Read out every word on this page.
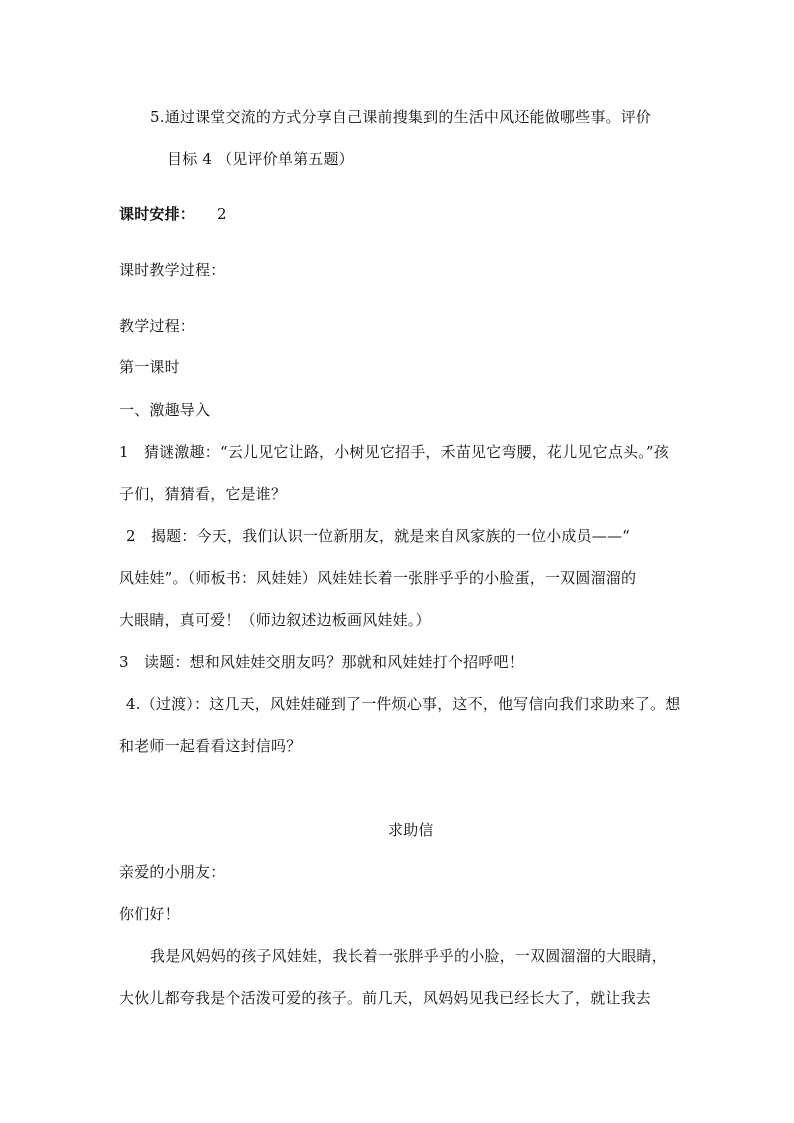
5.通过课堂交流的方式分享自己课前搜集到的生活中风还能做哪些事。评价
目标 4 （见评价单第五题）
课时安排： 2
课时教学过程：
教学过程：
第一课时
一、激趣导入
1　猜谜激趣：“云儿见它让路，小树见它招手，禾苗见它弯腰，花儿见它点头。”孩
子们，猜猜看，它是谁？
2　揭题：今天，我们认识一位新朋友，就是来自风家族的一位小成员——“
风娃娃”。（师板书：风娃娃）风娃娃长着一张胖乎乎的小脸蛋，一双圆溜溜的
大眼睛，真可爱！（师边叙述边板画风娃娃。）
3　读题：想和风娃娃交朋友吗？那就和风娃娃打个招呼吧！
4.（过渡）：这几天，风娃娃碰到了一件烦心事，这不，他写信向我们求助来了。想
和老师一起看看这封信吗？
求助信
亲爱的小朋友：
你们好！
我是风妈妈的孩子风娃娃，我长着一张胖乎乎的小脸，一双圆溜溜的大眼睛，
大伙儿都夸我是个活泼可爱的孩子。前几天，风妈妈见我已经长大了，就让我去
